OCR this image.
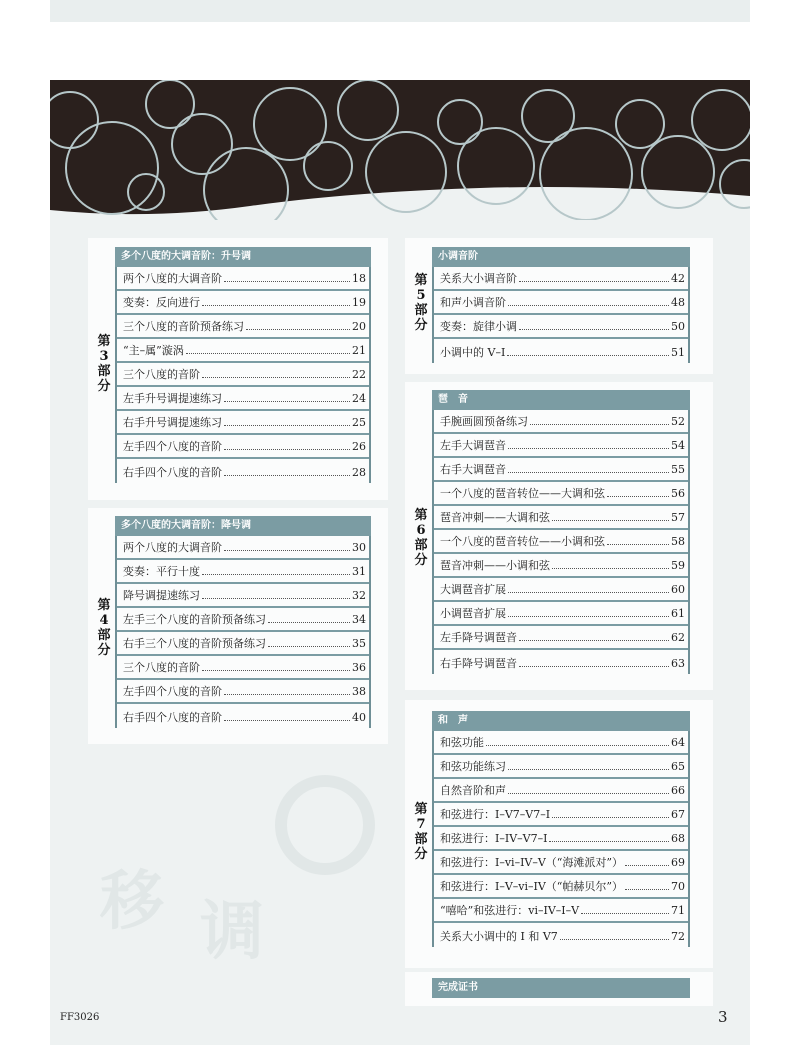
移 调
多个八度的大调音阶：升号调
两个八度的大调音阶	18
变奏：反向进行	19
三个八度的音阶预备练习	20
“主–属”漩涡	21
三个八度的音阶	22
左手升号调提速练习	24
右手升号调提速练习	25
左手四个八度的音阶	26
右手四个八度的音阶	28
第
3
部
分
多个八度的大调音阶：降号调
两个八度的大调音阶	30
变奏：平行十度	31
降号调提速练习	32
左手三个八度的音阶预备练习	34
右手三个八度的音阶预备练习	35
三个八度的音阶	36
左手四个八度的音阶	38
右手四个八度的音阶	40
第
4
部
分
小调音阶
关系大小调音阶	42
和声小调音阶	48
变奏：旋律小调	50
小调中的 V–I	51
第
5
部
分
琶　音
手腕画圆预备练习	52
左手大调琶音	54
右手大调琶音	55
一个八度的琶音转位——大调和弦	56
琶音冲刺——大调和弦	57
一个八度的琶音转位——小调和弦	58
琶音冲刺——小调和弦	59
大调琶音扩展	60
小调琶音扩展	61
左手降号调琶音	62
右手降号调琶音	63
第
6
部
分
和　声
和弦功能	64
和弦功能练习	65
自然音阶和声	66
和弦进行：I–V7–V7–I	67
和弦进行：I–IV–V7–I	68
和弦进行：I–vi–IV–V（“海滩派对”）	69
和弦进行：I–V–vi–IV（“帕赫贝尔”）	70
“嘻哈”和弦进行：vi–IV–I–V	71
关系大小调中的 I 和 V7	72
第
7
部
分
完成证书
FF3026	3
